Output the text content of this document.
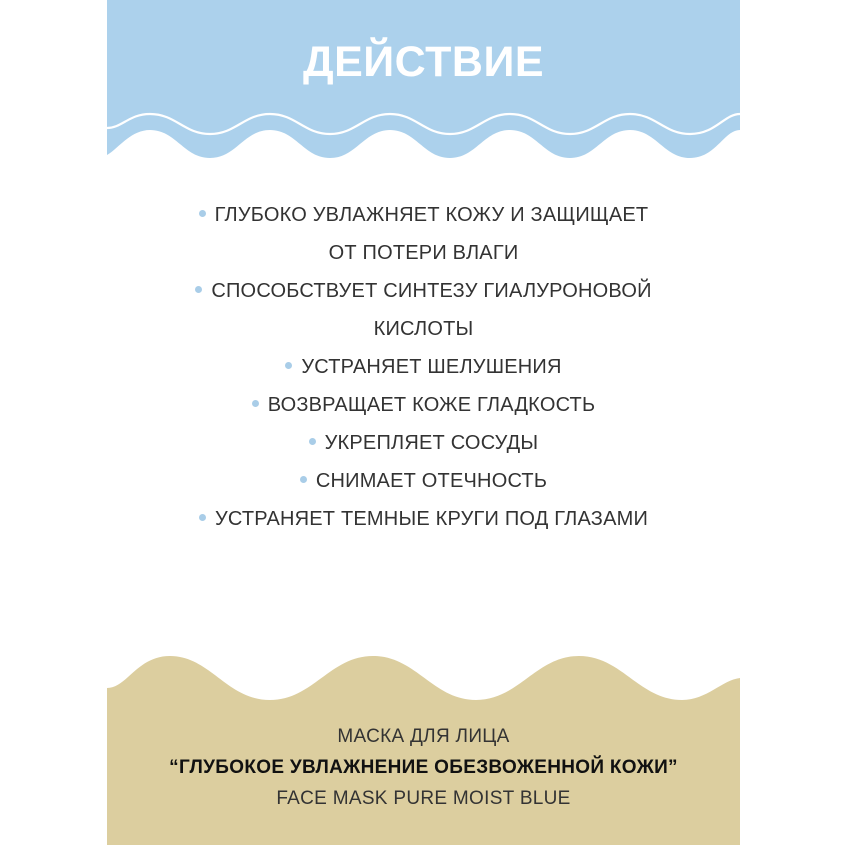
ДЕЙСТВИЕ
ГЛУБОКО УВЛАЖНЯЕТ КОЖУ И ЗАЩИЩАЕТ
ОТ ПОТЕРИ ВЛАГИ
СПОСОБСТВУЕТ СИНТЕЗУ ГИАЛУРОНОВОЙ
КИСЛОТЫ
УСТРАНЯЕТ ШЕЛУШЕНИЯ
ВОЗВРАЩАЕТ КОЖЕ ГЛАДКОСТЬ
УКРЕПЛЯЕТ СОСУДЫ
СНИМАЕТ ОТЕЧНОСТЬ
УСТРАНЯЕТ ТЕМНЫЕ КРУГИ ПОД ГЛАЗАМИ
МАСКА ДЛЯ ЛИЦА
“ГЛУБОКОЕ УВЛАЖНЕНИЕ ОБЕЗВОЖЕННОЙ КОЖИ”
FACE MASK PURE MOIST BLUE
